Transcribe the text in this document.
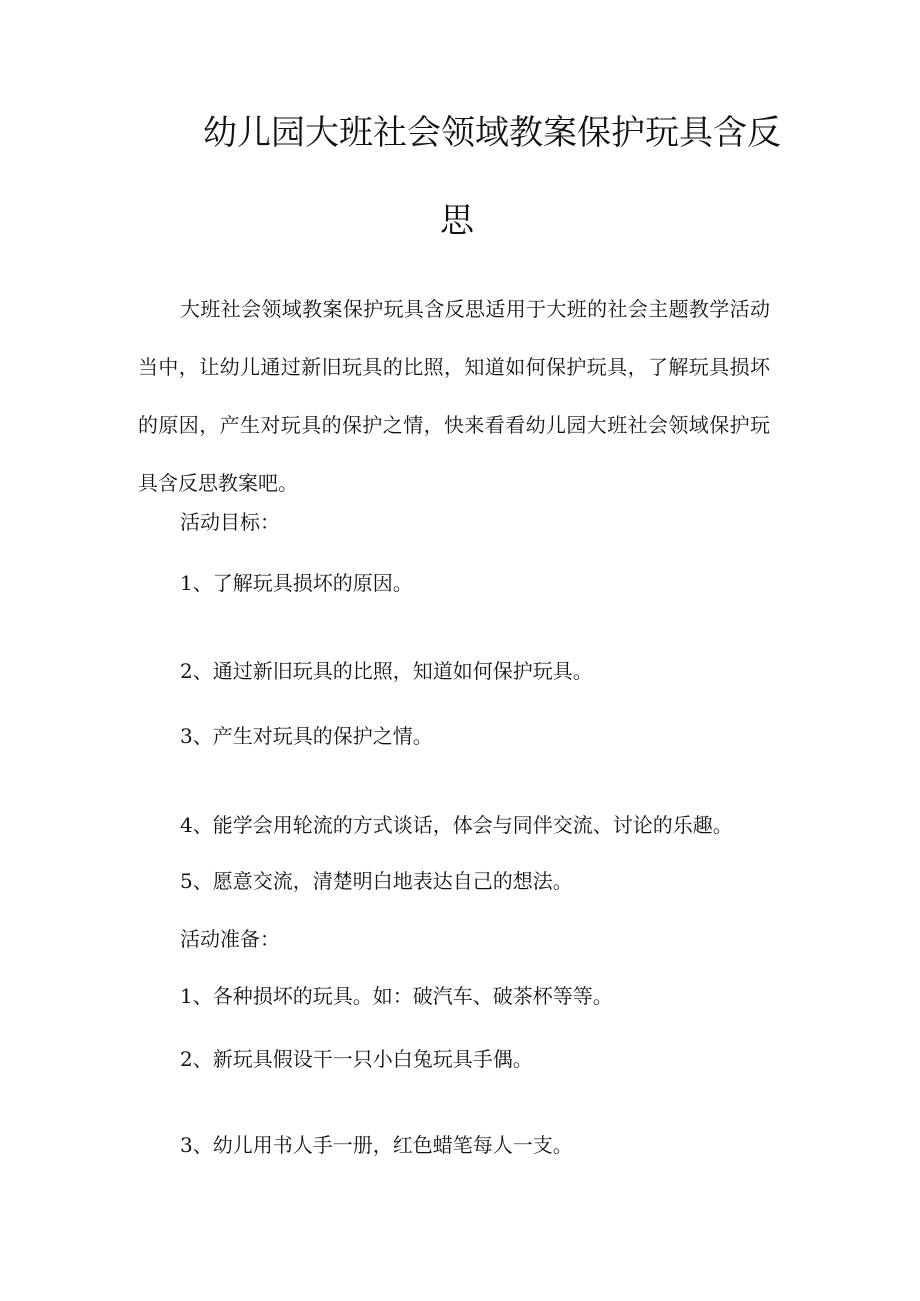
幼儿园大班社会领域教案保护玩具含反
思

大班社会领域教案保护玩具含反思适用于大班的社会主题教学活动当中，让幼儿通过新旧玩具的比照，知道如何保护玩具，了解玩具损坏的原因，产生对玩具的保护之情，快来看看幼儿园大班社会领域保护玩具含反思教案吧。

活动目标：
1、了解玩具损坏的原因。
2、通过新旧玩具的比照，知道如何保护玩具。
3、产生对玩具的保护之情。
4、能学会用轮流的方式谈话，体会与同伴交流、讨论的乐趣。
5、愿意交流，清楚明白地表达自己的想法。
活动准备：
1、各种损坏的玩具。如：破汽车、破茶杯等等。
2、新玩具假设干一只小白兔玩具手偶。
3、幼儿用书人手一册，红色蜡笔每人一支。
